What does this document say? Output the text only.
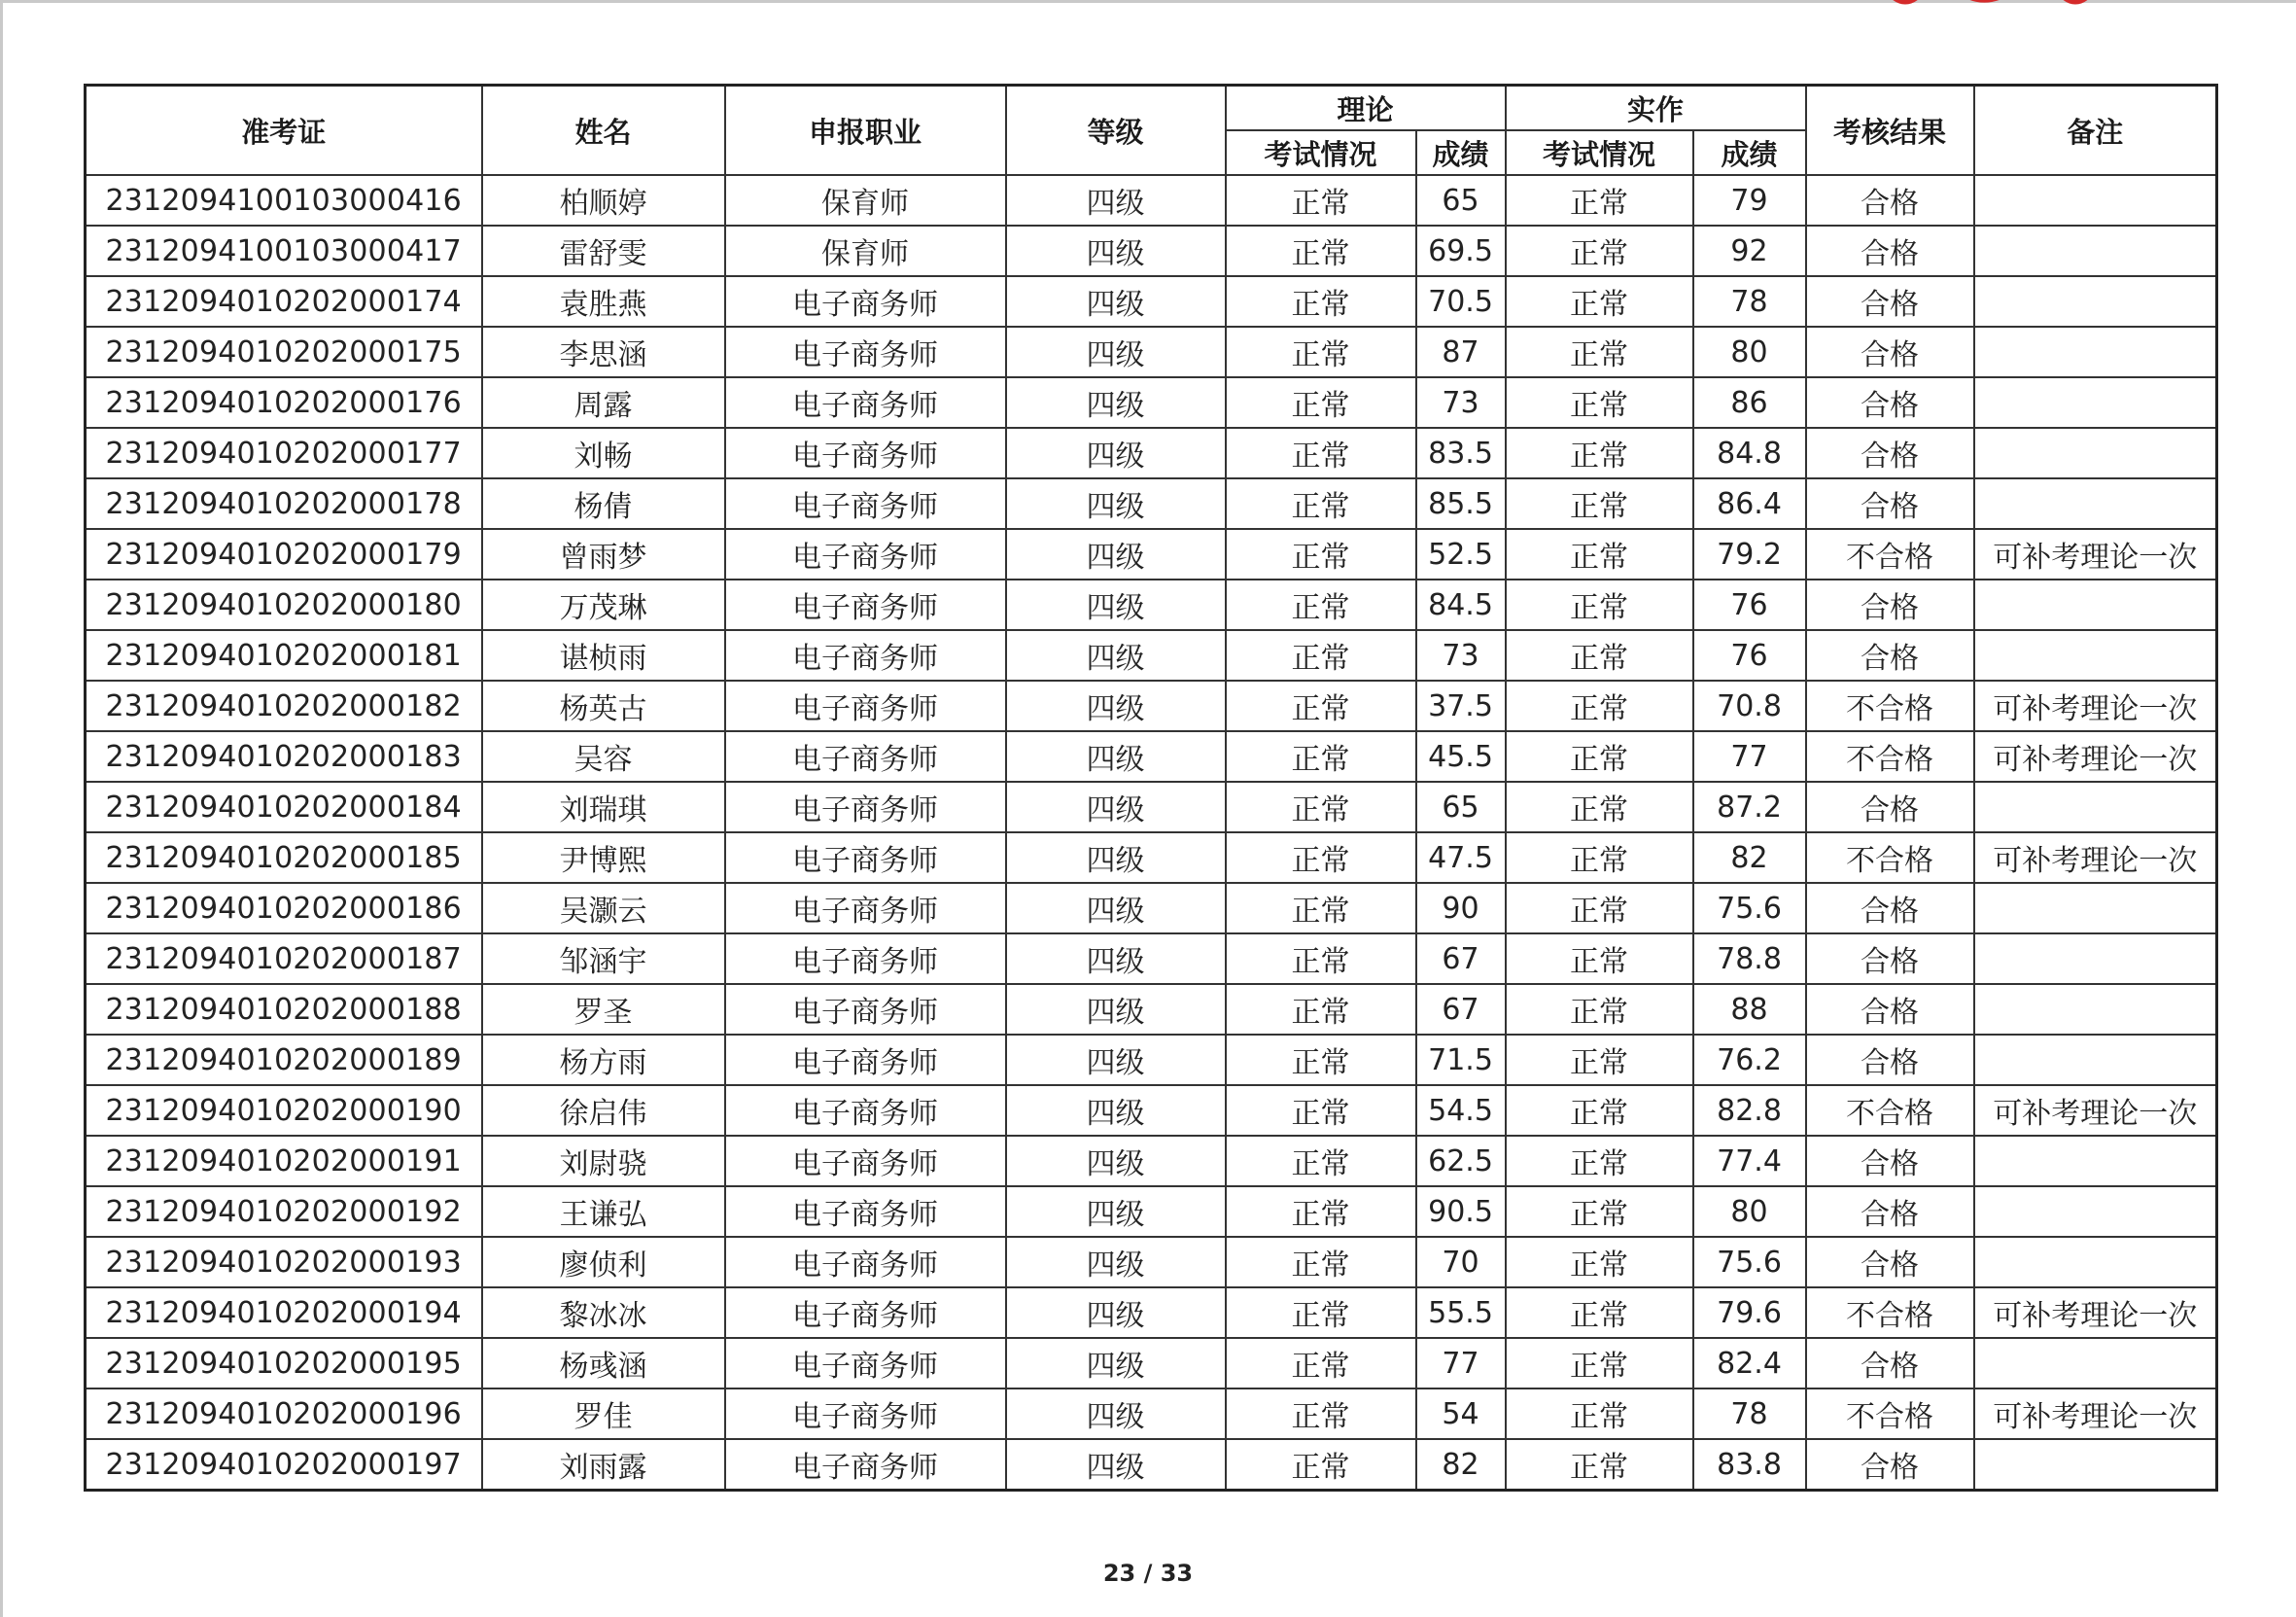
准考证	姓名	申报职业	等级	理论		实作		考核结果	备注
				考试情况	成绩	考试情况	成绩		
2312094100103000416	柏顺婷	保育师	四级	正常	65	正常	79	合格	
2312094100103000417	雷舒雯	保育师	四级	正常	69.5	正常	92	合格	
2312094010202000174	袁胜燕	电子商务师	四级	正常	70.5	正常	78	合格	
2312094010202000175	李思涵	电子商务师	四级	正常	87	正常	80	合格	
2312094010202000176	周露	电子商务师	四级	正常	73	正常	86	合格	
2312094010202000177	刘畅	电子商务师	四级	正常	83.5	正常	84.8	合格	
2312094010202000178	杨倩	电子商务师	四级	正常	85.5	正常	86.4	合格	
2312094010202000179	曾雨梦	电子商务师	四级	正常	52.5	正常	79.2	不合格	可补考理论一次
2312094010202000180	万茂琳	电子商务师	四级	正常	84.5	正常	76	合格	
2312094010202000181	谌桢雨	电子商务师	四级	正常	73	正常	76	合格	
2312094010202000182	杨英古	电子商务师	四级	正常	37.5	正常	70.8	不合格	可补考理论一次
2312094010202000183	吴容	电子商务师	四级	正常	45.5	正常	77	不合格	可补考理论一次
2312094010202000184	刘瑞琪	电子商务师	四级	正常	65	正常	87.2	合格	
2312094010202000185	尹博熙	电子商务师	四级	正常	47.5	正常	82	不合格	可补考理论一次
2312094010202000186	吴灏云	电子商务师	四级	正常	90	正常	75.6	合格	
2312094010202000187	邹涵宇	电子商务师	四级	正常	67	正常	78.8	合格	
2312094010202000188	罗圣	电子商务师	四级	正常	67	正常	88	合格	
2312094010202000189	杨方雨	电子商务师	四级	正常	71.5	正常	76.2	合格	
2312094010202000190	徐启伟	电子商务师	四级	正常	54.5	正常	82.8	不合格	可补考理论一次
2312094010202000191	刘尉骁	电子商务师	四级	正常	62.5	正常	77.4	合格	
2312094010202000192	王谦弘	电子商务师	四级	正常	90.5	正常	80	合格	
2312094010202000193	廖侦利	电子商务师	四级	正常	70	正常	75.6	合格	
2312094010202000194	黎冰冰	电子商务师	四级	正常	55.5	正常	79.6	不合格	可补考理论一次
2312094010202000195	杨彧涵	电子商务师	四级	正常	77	正常	82.4	合格	
2312094010202000196	罗佳	电子商务师	四级	正常	54	正常	78	不合格	可补考理论一次
2312094010202000197	刘雨露	电子商务师	四级	正常	82	正常	83.8	合格	
23 / 33
